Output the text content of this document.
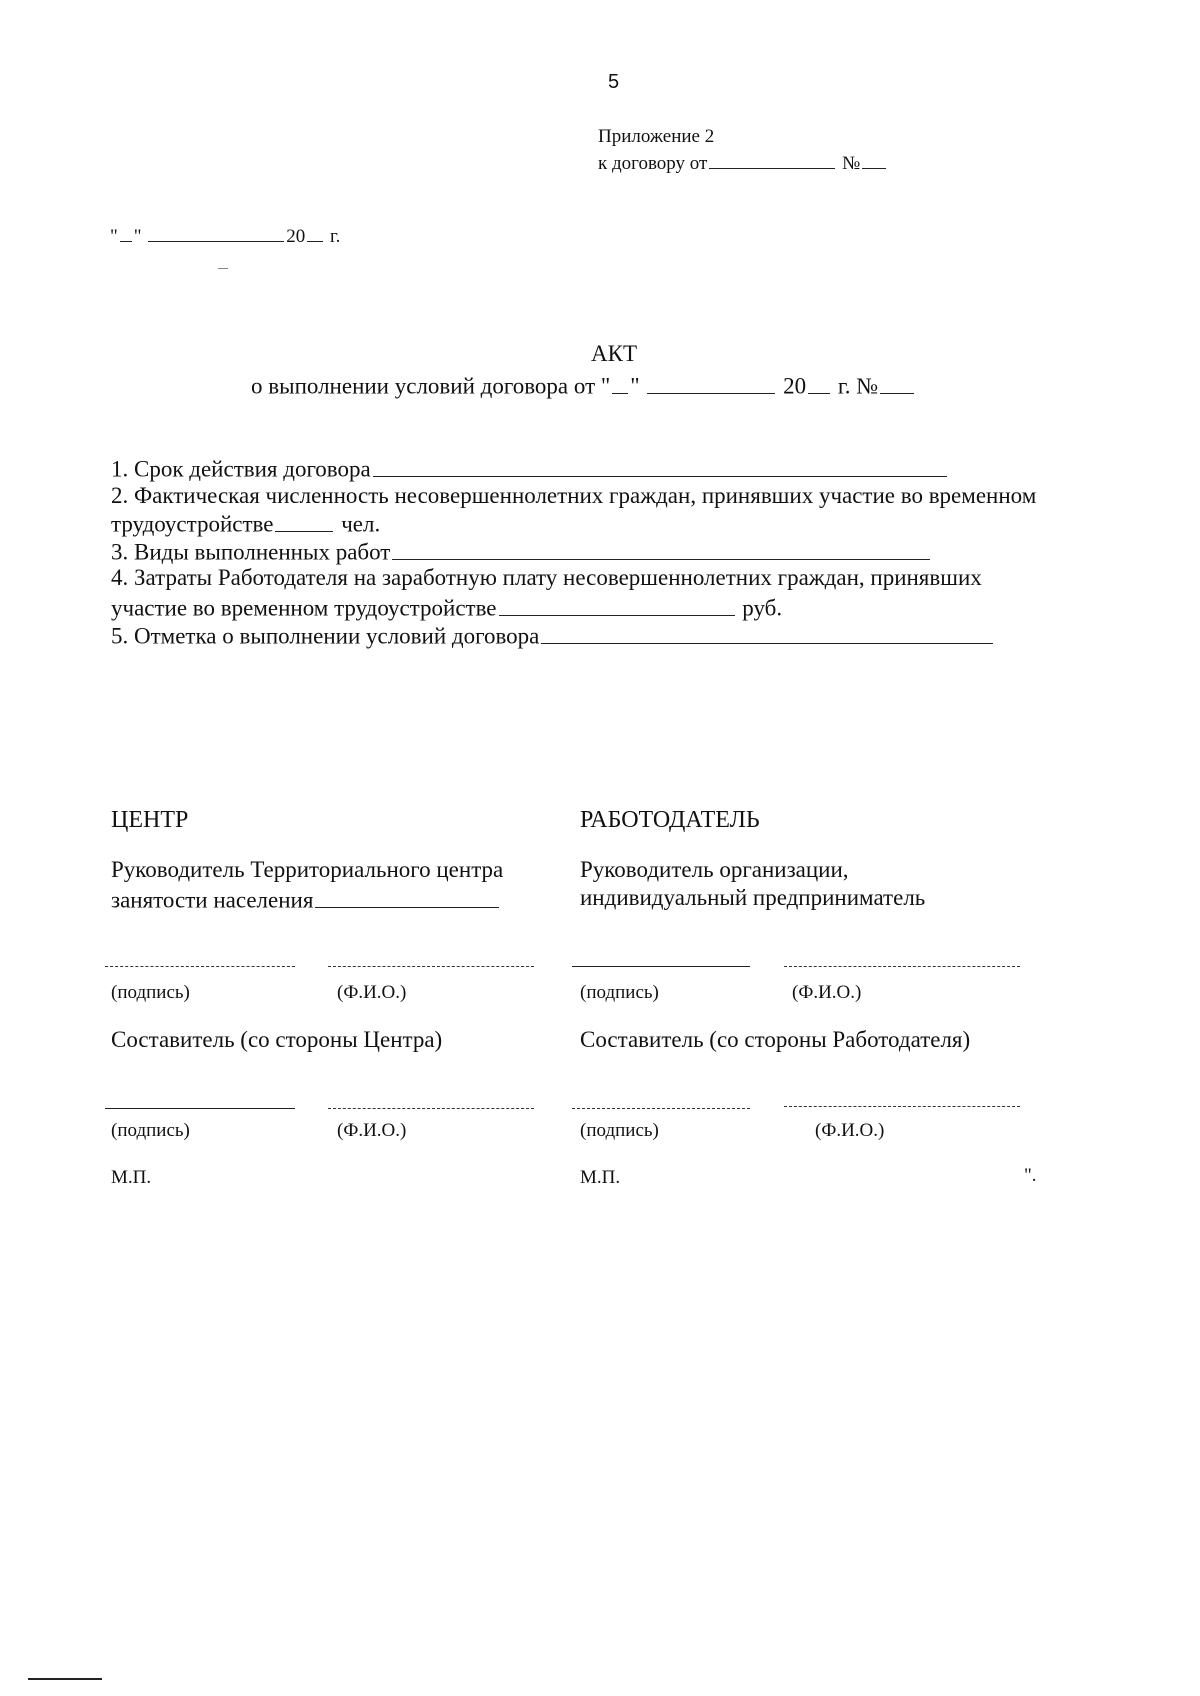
5
Приложение 2
к договору от	№
" "	20 г.
АКТ
о выполнении условий договора от " "	20 г. №
1. Срок действия договора
2. Фактическая численность несовершеннолетних граждан, принявших участие во временном
трудоустройстве	чел.
3. Виды выполненных работ
4. Затраты Работодателя на заработную плату несовершеннолетних граждан, принявших
участие во временном трудоустройстве	руб.
5. Отметка о выполнении условий договора
ЦЕНТР
Руководитель Территориального центра
занятости населения
(подпись)	(Ф.И.О.)
Составитель (со стороны Центра)
(подпись)	(Ф.И.О.)
М.П.
РАБОТОДАТЕЛЬ
Руководитель организации,
индивидуальный предприниматель
(подпись)	(Ф.И.О.)
Составитель (со стороны Работодателя)
(подпись)	(Ф.И.О.)
М.П.	".
